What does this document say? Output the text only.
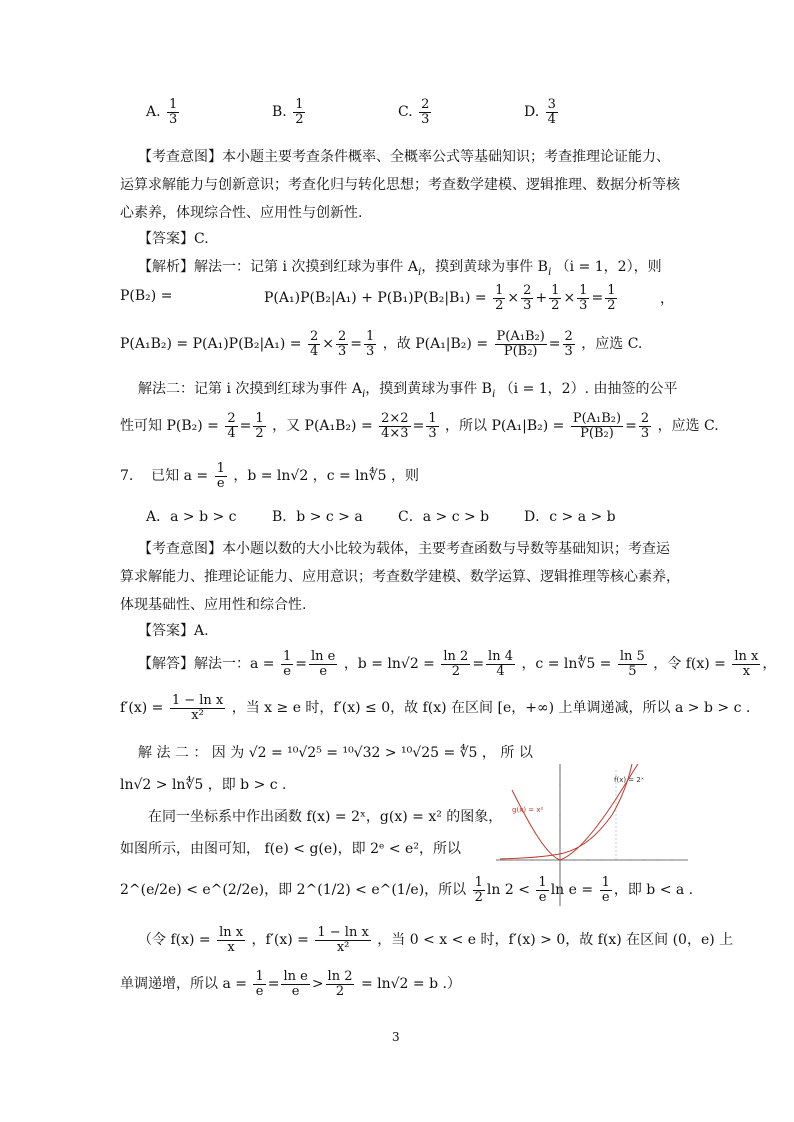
A. $\frac{1}{3}$	B. $\frac{1}{2}$	C. $\frac{2}{3}$	D. $\frac{3}{4}$
【考查意图】本小题主要考查条件概率、全概率公式等基础知识；考查推理论证能力、
运算求解能力与创新意识；考查化归与转化思想；考查数学建模、逻辑推理、数据分析等核
心素养，体现综合性、应用性与创新性.
【答案】C.
【解析】解法一：记第 i 次摸到红球为事件 $A_i$，摸到黄球为事件 $B_i$ （i = 1，2），则
P(B₂) =	$P(A_1)P(B_2|A_1) + P(B_1)P(B_2|B_1) = \frac{1}{2} \times \frac{2}{3} + \frac{1}{2} \times \frac{1}{3} = \frac{1}{2}$	，
$P(A_1B_2) = P(A_1)P(B_2|A_1) = \frac{2}{4} \times \frac{2}{3} = \frac{1}{3}$ ，故 $P(A_1|B_2) = \frac{\text{P(A₁B₂)}}{\text{P(B₂)}} = \frac{2}{3}$ ，应选 C.
解法二：记第 i 次摸到红球为事件 $A_i$，摸到黄球为事件 $B_i$ （i = 1，2）. 由抽签的公平
性可知 $P(B_2) = \frac{2}{4} = \frac{1}{2}$ ，又 $P(A_1B_2) = \frac{2\times 2}{4\times 3} = \frac{1}{3}$ ，所以 $P(A_1|B_2) = \frac{\text{P(A₁B₂)}}{\text{P(B₂)}} = \frac{2}{3}$ ，应选 C.
7. 已知 $a = \frac{1}{e}$ ，b = ln√2 ，c = ln∜5 ，则
A．a > b > c	B．b > c > a	C．a > c > b D．c > a > b
【考查意图】本小题以数的大小比较为载体，主要考查函数与导数等基础知识；考查运
算求解能力、推理论证能力、应用意识；考查数学建模、数学运算、逻辑推理等核心素养，
体现基础性、应用性和综合性.
【答案】A.
【解答】解法一：$a = \frac{1}{e} = \frac{\text{ln e}}{e}$ ，$b = \ln√2 = \frac{\ln 2}{2} = \frac{\ln 4}{4}$ ，c = ln∜5 = $\frac{\ln 5}{5}$ ，令 $f(x) = \frac{\text{ln x}}{x}$ ，
$f'(x) = \frac{\text{1 − ln x}}{\text{x²}}$ ，当 x ≥ e 时，f′(x) ≤ 0，故 f(x) 在区间 [e，+∞) 上单调递减，所以 a > b > c .
解 法 二 ： 因 为 √2 = ¹⁰√2⁵ = ¹⁰√32 > ¹⁰√25 = ∜5 ， 所 以
ln√2 > ln∜5 ，即 b > c .
在同一坐标系中作出函数 f(x) = 2ˣ，g(x) = x² 的图象，
如图所示，由图可知， f(e) < g(e)，即 2ᵉ < e²，所以
2^(e/2e) < e^(2/2e)，即 2^(1/2) < e^(1/e)，所以 $\frac{1}{2}$ $\ln 2 < \frac{1}{e}$ $\ln e = \frac{1}{e}$ ，即 b < a .
f(x) = 2ˣ
g(x) = x²
（令 $f(x) = \frac{\text{ln x}}{x}$ ，$f'(x) = \frac{\text{1 − ln x}}{\text{x²}}$ ，当 0 < x < e 时，f′(x) > 0，故 f(x) 在区间 (0，e) 上
单调递增，所以 $a = \frac{1}{e} = \frac{\text{ln e}}{e} > \frac{\ln 2}{2} = \ln√2 = b$ .）
3
